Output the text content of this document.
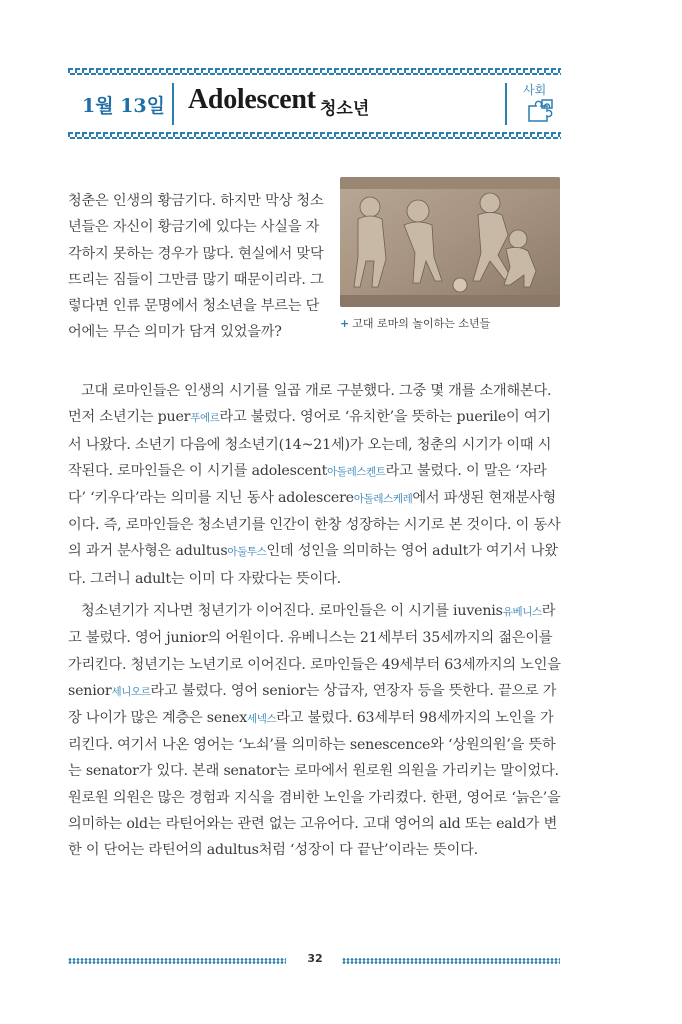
1월 13일 Adolescent 청소년
사회

청춘은 인생의 황금기다. 하지만 막상 청소년들은 자신이 황금기에 있다는 사실을 자각하지 못하는 경우가 많다. 현실에서 맞닥뜨리는 짐들이 그만큼 많기 때문이리라. 그렇다면 인류 문명에서 청소년을 부르는 단어에는 무슨 의미가 담겨 있었을까?

+ 고대 로마의 놀이하는 소년들

고대 로마인들은 인생의 시기를 일곱 개로 구분했다. 그중 몇 개를 소개해본다. 먼저 소년기는 puer푸에르라고 불렀다. 영어로 ‘유치한’을 뜻하는 puerile이 여기서 나왔다. 소년기 다음에 청소년기(14~21세)가 오는데, 청춘의 시기가 이때 시작된다. 로마인들은 이 시기를 adolescent아돌레스켄트라고 불렀다. 이 말은 ‘자라다’ ‘키우다’라는 의미를 지닌 동사 adolescere아돌레스케레에서 파생된 현재분사형이다. 즉, 로마인들은 청소년기를 인간이 한창 성장하는 시기로 본 것이다. 이 동사의 과거 분사형은 adultus아둘투스인데 성인을 의미하는 영어 adult가 여기서 나왔다. 그러니 adult는 이미 다 자랐다는 뜻이다.

청소년기가 지나면 청년기가 이어진다. 로마인들은 이 시기를 iuvenis유베니스라고 불렀다. 영어 junior의 어원이다. 유베니스는 21세부터 35세까지의 젊은이를 가리킨다. 청년기는 노년기로 이어진다. 로마인들은 49세부터 63세까지의 노인을 senior세니오르라고 불렀다. 영어 senior는 상급자, 연장자 등을 뜻한다. 끝으로 가장 나이가 많은 계층은 senex세넥스라고 불렀다. 63세부터 98세까지의 노인을 가리킨다. 여기서 나온 영어는 ‘노쇠’를 의미하는 senescence와 ‘상원의원’을 뜻하는 senator가 있다. 본래 senator는 로마에서 원로원 의원을 가리키는 말이었다. 원로원 의원은 많은 경험과 지식을 겸비한 노인을 가리켰다. 한편, 영어로 ‘늙은’을 의미하는 old는 라틴어와는 관련 없는 고유어다. 고대 영어의 ald 또는 eald가 변한 이 단어는 라틴어의 adultus처럼 ‘성장이 다 끝난’이라는 뜻이다.

32
